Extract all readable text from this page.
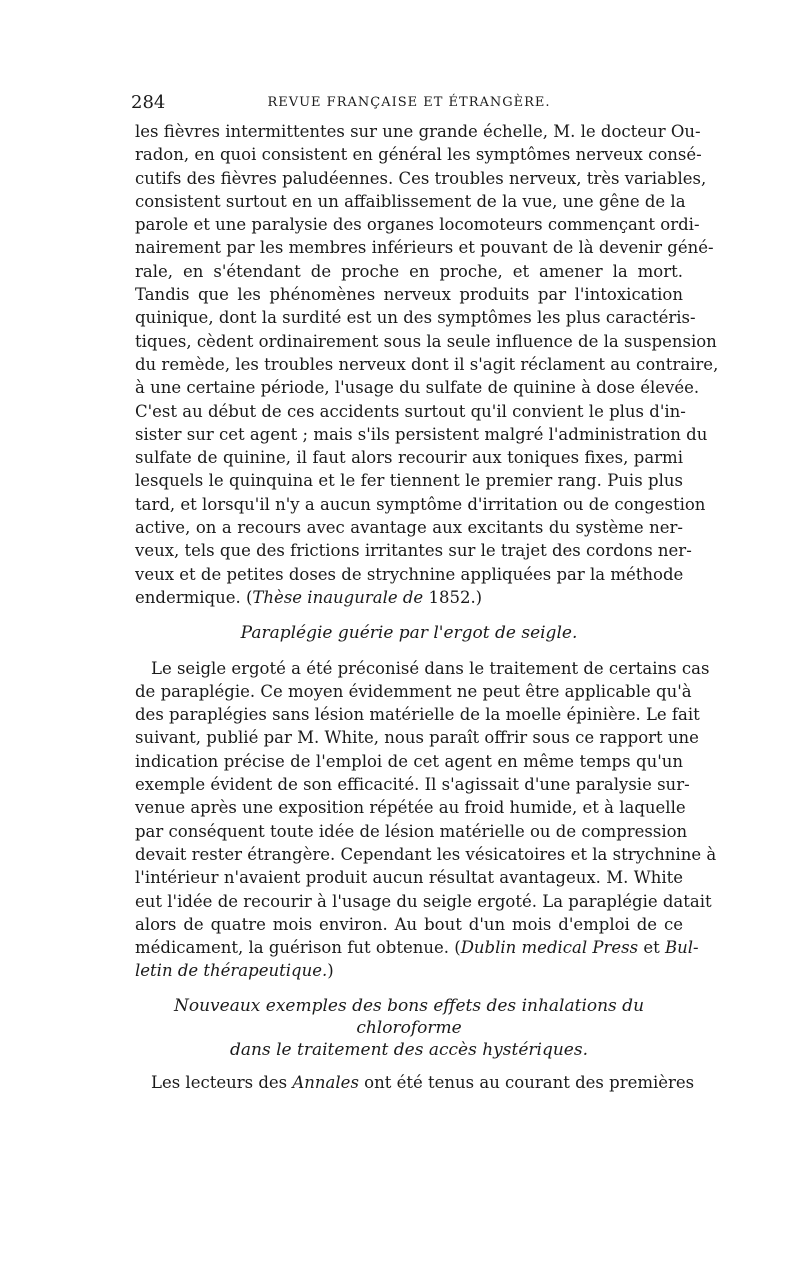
284	REVUE FRANÇAISE ET ÉTRANGÈRE.

les fièvres intermittentes sur une grande échelle, M. le docteur Ou-
radon, en quoi consistent en général les symptômes nerveux consé-
cutifs des fièvres paludéennes. Ces troubles nerveux, très variables,
consistent surtout en un affaiblissement de la vue, une gêne de la
parole et une paralysie des organes locomoteurs commençant ordi-
nairement par les membres inférieurs et pouvant de là devenir géné-
rale, en s'étendant de proche en proche, et amener la mort.
Tandis que les phénomènes nerveux produits par l'intoxication
quinique, dont la surdité est un des symptômes les plus caractéris-
tiques, cèdent ordinairement sous la seule influence de la suspension
du remède, les troubles nerveux dont il s'agit réclament au contraire,
à une certaine période, l'usage du sulfate de quinine à dose élevée.
C'est au début de ces accidents surtout qu'il convient le plus d'in-
sister sur cet agent ; mais s'ils persistent malgré l'administration du
sulfate de quinine, il faut alors recourir aux toniques fixes, parmi
lesquels le quinquina et le fer tiennent le premier rang. Puis plus
tard, et lorsqu'il n'y a aucun symptôme d'irritation ou de congestion
active, on a recours avec avantage aux excitants du système ner-
veux, tels que des frictions irritantes sur le trajet des cordons ner-
veux et de petites doses de strychnine appliquées par la méthode
endermique. (Thèse inaugurale de 1852.)

Paraplégie guérie par l'ergot de seigle.

Le seigle ergoté a été préconisé dans le traitement de certains cas
de paraplégie. Ce moyen évidemment ne peut être applicable qu'à
des paraplégies sans lésion matérielle de la moelle épinière. Le fait
suivant, publié par M. White, nous paraît offrir sous ce rapport une
indication précise de l'emploi de cet agent en même temps qu'un
exemple évident de son efficacité. Il s'agissait d'une paralysie sur-
venue après une exposition répétée au froid humide, et à laquelle
par conséquent toute idée de lésion matérielle ou de compression
devait rester étrangère. Cependant les vésicatoires et la strychnine à
l'intérieur n'avaient produit aucun résultat avantageux. M. White
eut l'idée de recourir à l'usage du seigle ergoté. La paraplégie datait
alors de quatre mois environ. Au bout d'un mois d'emploi de ce
médicament, la guérison fut obtenue. (Dublin medical Press et Bul-
letin de thérapeutique.)

Nouveaux exemples des bons effets des inhalations du chloroforme
dans le traitement des accès hystériques.

Les lecteurs des Annales ont été tenus au courant des premières
